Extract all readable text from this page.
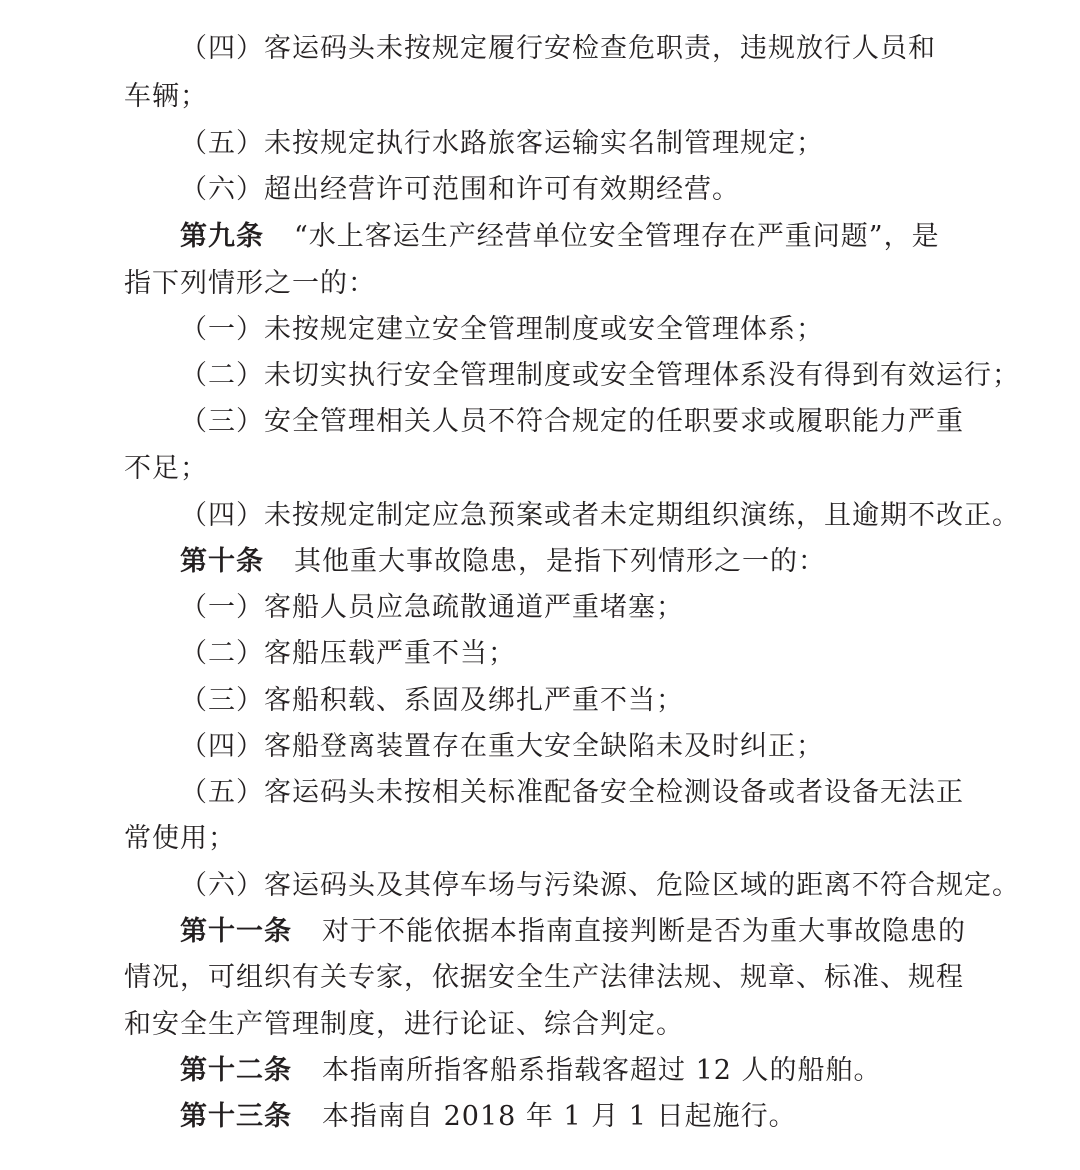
（四）客运码头未按规定履行安检查危职责，违规放行人员和
车辆；
（五）未按规定执行水路旅客运输实名制管理规定；
（六）超出经营许可范围和许可有效期经营。
第九条 “水上客运生产经营单位安全管理存在严重问题”，是
指下列情形之一的：
（一）未按规定建立安全管理制度或安全管理体系；
（二）未切实执行安全管理制度或安全管理体系没有得到有效运行；
（三）安全管理相关人员不符合规定的任职要求或履职能力严重
不足；
（四）未按规定制定应急预案或者未定期组织演练，且逾期不改正。
第十条 其他重大事故隐患，是指下列情形之一的：
（一）客船人员应急疏散通道严重堵塞；
（二）客船压载严重不当；
（三）客船积载、系固及绑扎严重不当；
（四）客船登离装置存在重大安全缺陷未及时纠正；
（五）客运码头未按相关标准配备安全检测设备或者设备无法正
常使用；
（六）客运码头及其停车场与污染源、危险区域的距离不符合规定。
第十一条 对于不能依据本指南直接判断是否为重大事故隐患的
情况，可组织有关专家，依据安全生产法律法规、规章、标准、规程
和安全生产管理制度，进行论证、综合判定。
第十二条 本指南所指客船系指载客超过 12 人的船舶。
第十三条 本指南自 2018 年 1 月 1 日起施行。
